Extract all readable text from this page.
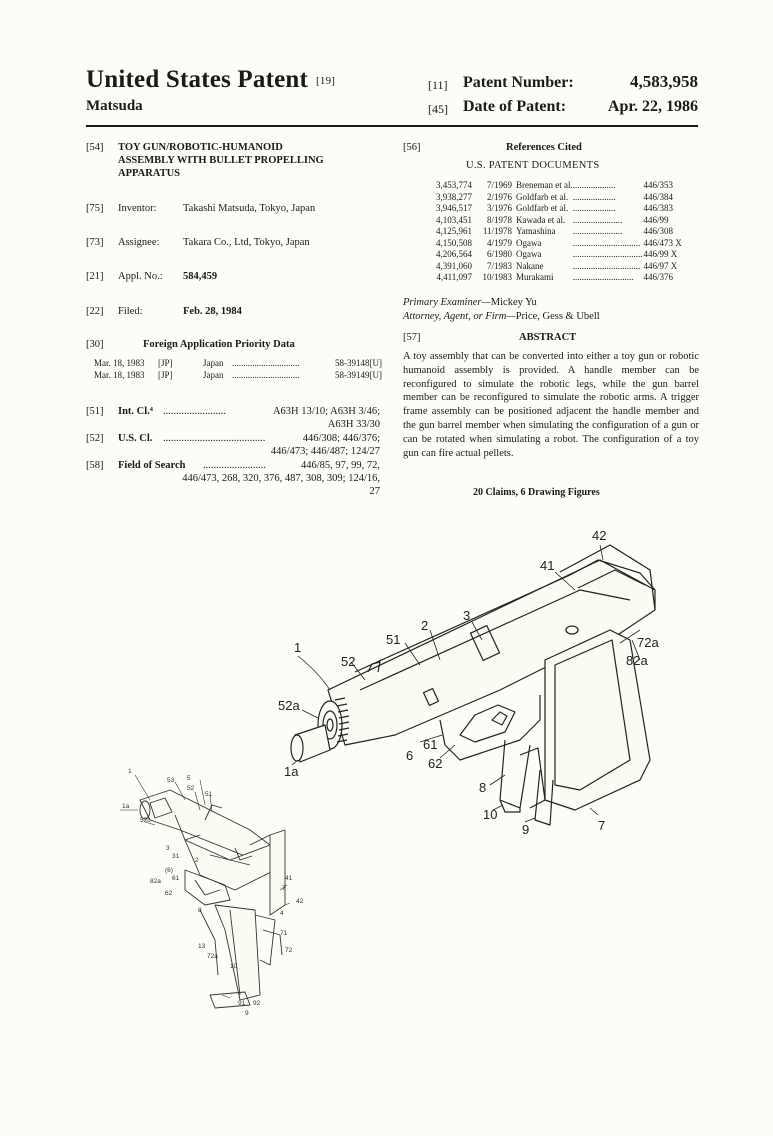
United States Patent [19]
Matsuda
[11] Patent Number:	4,583,958
[45] Date of Patent:	Apr. 22, 1986
[54] TOY GUN/ROBOTIC-HUMANOID
ASSEMBLY WITH BULLET PROPELLING
APPARATUS
[75] Inventor:	Takashi Matsuda, Tokyo, Japan
[73] Assignee: Takara Co., Ltd, Tokyo, Japan
[21] Appl. No.: 584,459
[22] Filed:	Feb. 28, 1984
[30]	Foreign Application Priority Data
Mar. 18, 1983 [JP]	Japan ..............................	58-39148[U]
Mar. 18, 1983 [JP]	Japan ..............................	58-39149[U]
[51] Int. Cl.⁴ ........................	A63H 13/10; A63H 3/46;
A63H 33/30
[52] U.S. Cl. .......................................	446/308; 446/376;
446/473; 446/487; 124/27
[58] Field of Search ........................	446/85, 97, 99, 72,
446/473, 268, 320, 376, 487, 308, 309; 124/16,
27
[56]	References Cited
U.S. PATENT DOCUMENTS
3,453,774	7/1969	Breneman et al.	...................	446/353
3,938,277	2/1976	Goldfarb et al.	...................	446/384
3,946,517	3/1976	Goldfarb et al.	...................	446/383
4,103,451	8/1978	Kawada et al.	......................	446/99
4,125,961	11/1978	Yamashina	......................	446/308
4,150,508	4/1979	Ogawa	..............................	446/473 X
4,206,564	6/1980	Ogawa	...............................	446/99 X
4,391,060	7/1983	Nakane	..............................	446/97 X
4,411,097	10/1983	Murakami	...........................	446/376
Primary Examiner—Mickey Yu
Attorney, Agent, or Firm—Price, Gess & Ubell
[57]	ABSTRACT
A toy assembly that can be converted into either a toy gun or robotic humanoid assembly is provided. A handle member can be reconfigured to simulate the robotic legs, while the gun barrel member can be reconfigured to simulate the robotic arms. A trigger frame assembly can be positioned adjacent the handle member and the gun barrel member when simulating the configuration of a gun or can be rotated when simulating a robot. The configuration of a toy gun can fire actual pellets.
20 Claims, 6 Drawing Figures
42
41
3
2
51
1
52
72a
82a
52a
1a
6
61
62
8
10
9	7
1
53 5
52
51
1a
52c
3
31
2
(6)
61
82a
62
8
7
41
42
4
71
72
13
72a
10
91 92
9
